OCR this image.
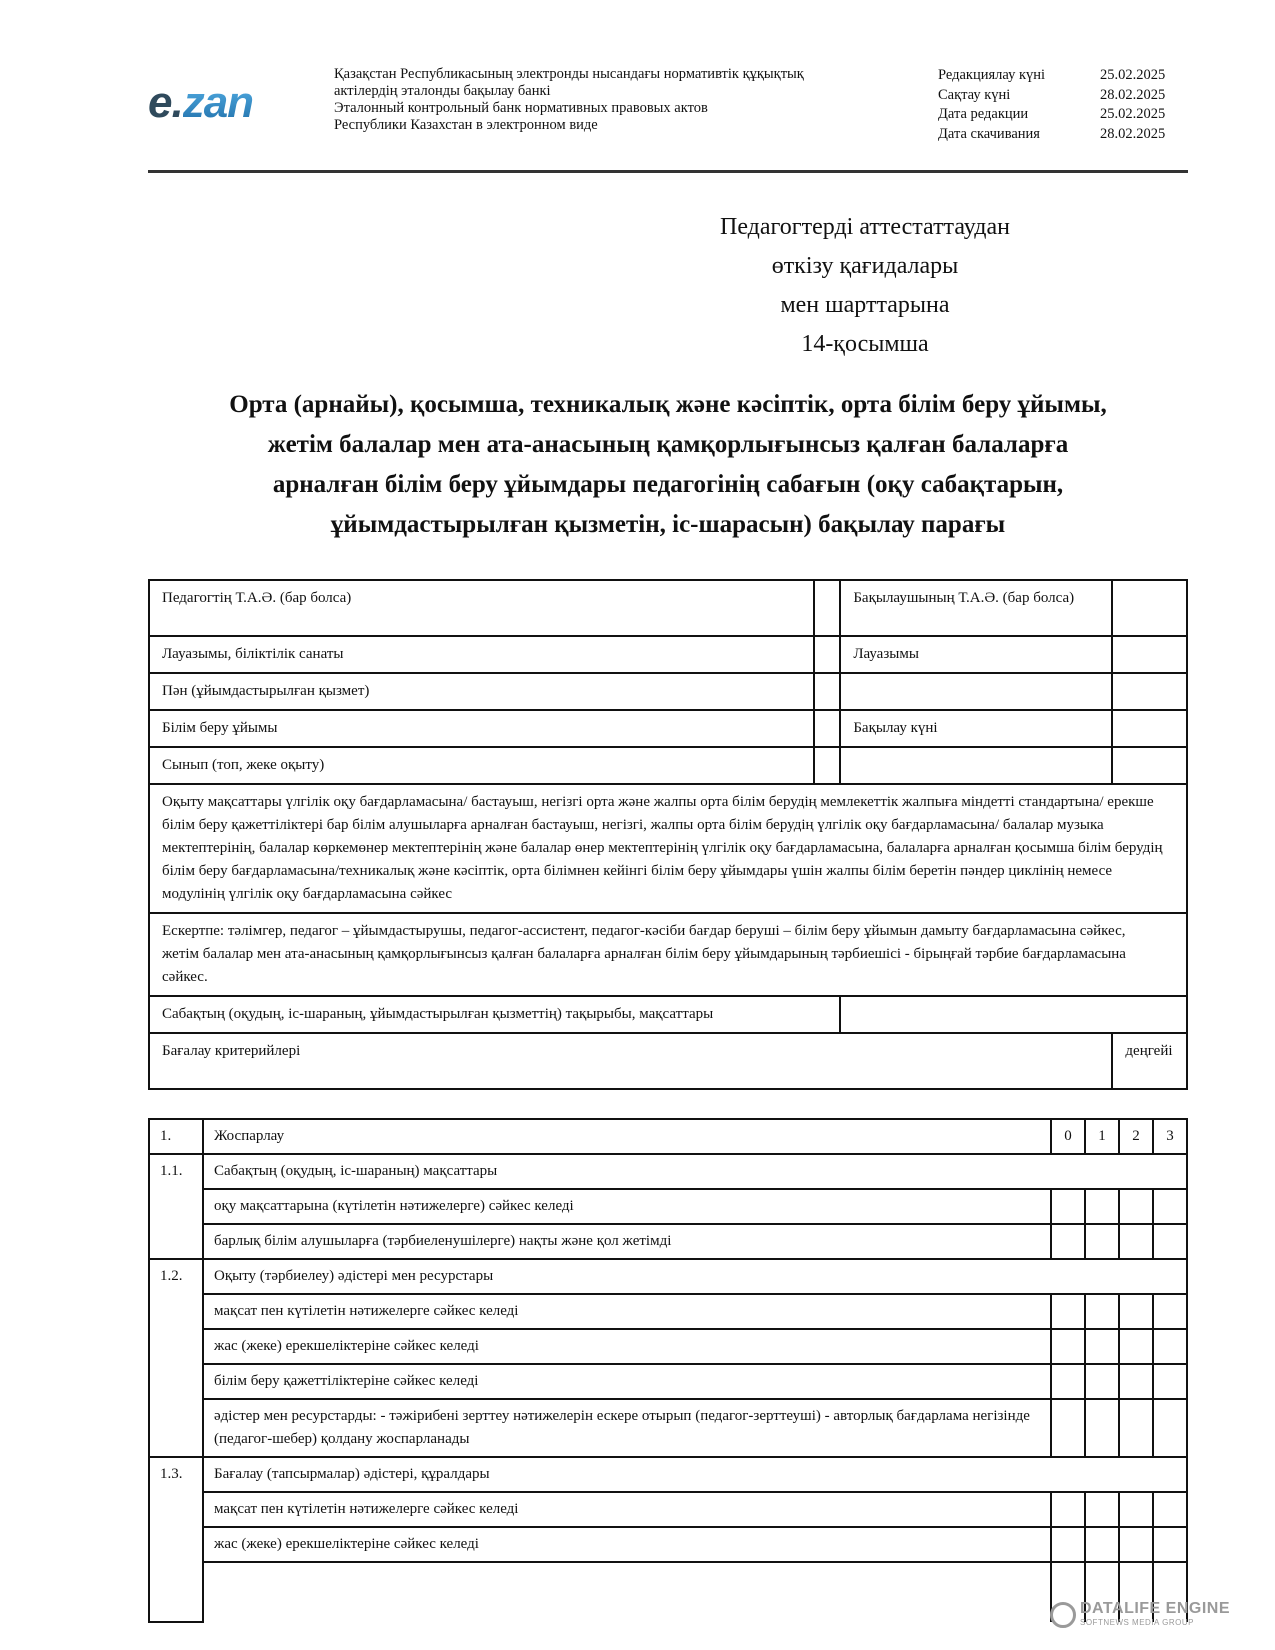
e.zan
Қазақстан Республикасының электронды нысандағы нормативтік құқықтық
актілердің эталонды бақылау банкі
Эталонный контрольный банк нормативных правовых актов
Республики Казахстан в электронном виде
Редакциялау күні	25.02.2025
Сақтау күні	28.02.2025
Дата редакции	25.02.2025
Дата скачивания	28.02.2025
Педагогтерді аттестаттаудан
өткізу қағидалары
мен шарттарына
14-қосымша
Орта (арнайы), қосымша, техникалық және кәсіптік, орта білім беру ұйымы,
жетім балалар мен ата-анасының қамқорлығынсыз қалған балаларға
арналған білім беру ұйымдары педагогінің сабағын (оқу сабақтарын,
ұйымдастырылған қызметін, іс-шарасын) бақылау парағы
Педагогтің Т.А.Ә. (бар болса)		Бақылаушының Т.А.Ә. (бар болса)	
Лауазымы, біліктілік санаты		Лауазымы	
Пән (ұйымдастырылған қызмет)			
Білім беру ұйымы		Бақылау күні	
Сынып (топ, жеке оқыту)			
Оқыту мақсаттары үлгілік оқу бағдарламасына/ бастауыш, негізгі орта және жалпы орта білім берудің мемлекеттік жалпыға міндетті стандартына/ ерекше білім беру қажеттіліктері бар білім алушыларға арналған бастауыш, негізгі, жалпы орта білім берудің үлгілік оқу бағдарламасына/ балалар музыка мектептерінің, балалар көркемөнер мектептерінің және балалар өнер мектептерінің үлгілік оқу бағдарламасына, балаларға арналған қосымша білім берудің білім беру бағдарламасына/техникалық және кәсіптік, орта білімнен кейінгі білім беру ұйымдары үшін жалпы білім беретін пәндер циклінің немесе модулінің үлгілік оқу бағдарламасына сәйкес			
Ескертпе: тәлімгер, педагог – ұйымдастырушы, педагог-ассистент, педагог-кәсіби бағдар беруші – білім беру ұйымын дамыту бағдарламасына сәйкес, жетім балалар мен ата-анасының қамқорлығынсыз қалған балаларға арналған білім беру ұйымдарының тәрбиешісі - бірыңғай тәрбие бағдарламасына сәйкес.			
Сабақтың (оқудың, іс-шараның, ұйымдастырылған қызметтің) тақырыбы, мақсаттары			
Бағалау критерийлері			деңгейі
1.	Жоспарлау	0	1	2	3
1.1.	Сабақтың (оқудың, іс-шараның) мақсаттары				
	оқу мақсаттарына (күтілетін нәтижелерге) сәйкес келеді				
	барлық білім алушыларға (тәрбиеленушілерге) нақты және қол жетімді				
1.2.	Оқыту (тәрбиелеу) әдістері мен ресурстары				
	мақсат пен күтілетін нәтижелерге сәйкес келеді				
	жас (жеке) ерекшеліктеріне сәйкес келеді				
	білім беру қажеттіліктеріне сәйкес келеді				
	әдістер мен ресурстарды: - тәжірибені зерттеу нәтижелерін ескере отырып (педагог-зерттеуші) - авторлық бағдарлама негізінде (педагог-шебер) қолдану жоспарланады				
1.3.	Бағалау (тапсырмалар) әдістері, құралдары				
	мақсат пен күтілетін нәтижелерге сәйкес келеді				
	жас (жеке) ерекшеліктеріне сәйкес келеді				

DATALIFE ENGINE
SOFTNEWS MEDIA GROUP
